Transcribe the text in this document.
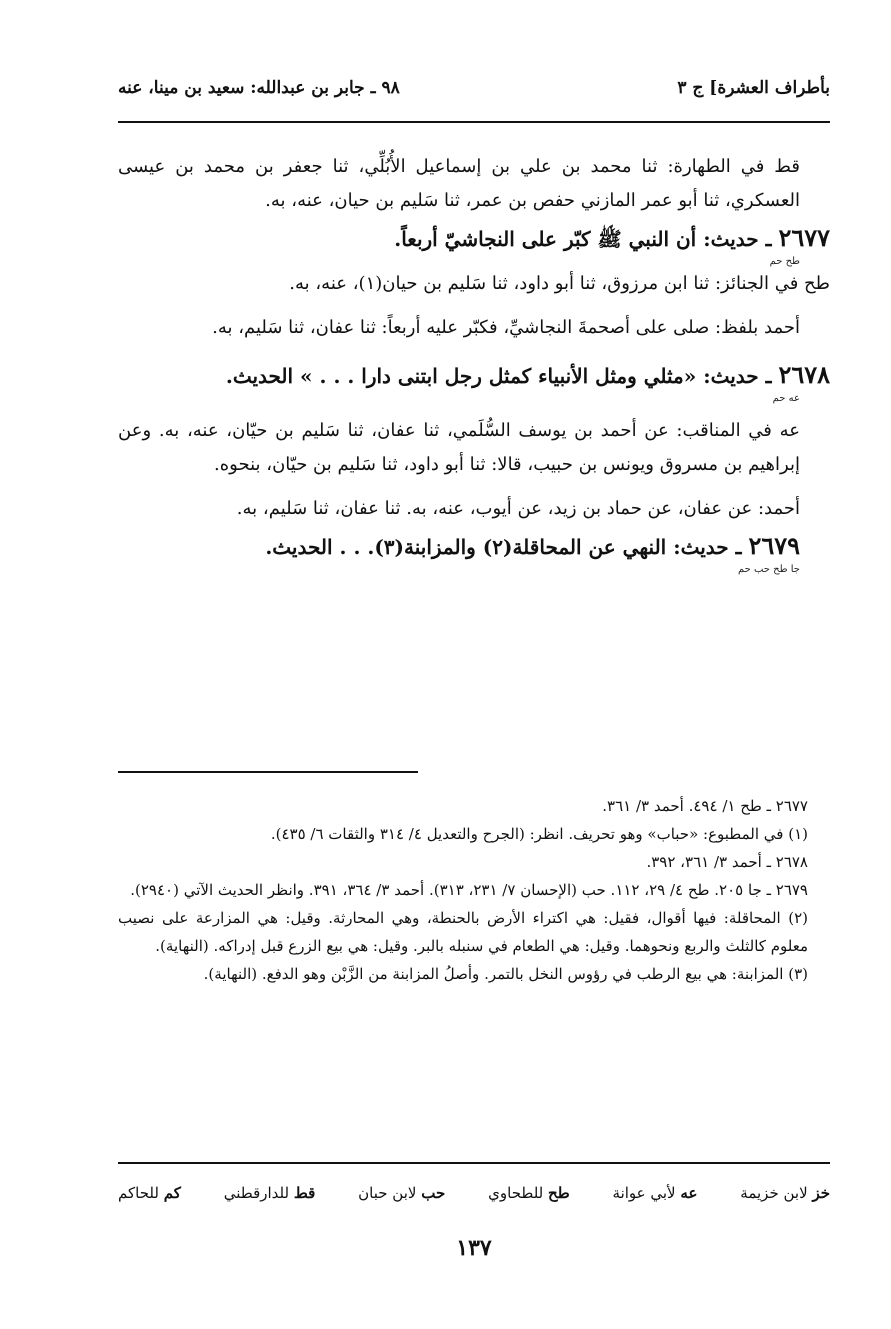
بأطراف العشرة] ج ٣
٩٨ ـ جابر بن عبدالله: سعيد بن مينا، عنه

قط في الطهارة: ثنا محمد بن علي بن إسماعيل الأُبُلِّي، ثنا جعفر بن محمد بن عيسى العسكري، ثنا أبو عمر المازني حفص بن عمر، ثنا سَليم بن حيان، عنه، به.

٢٦٧٧ ـ حديث: أن النبي ﷺ كبّر على النجاشيّ أربعاً.
طح حم

طح في الجنائز: ثنا ابن مرزوق، ثنا أبو داود، ثنا سَليم بن حيان(١)، عنه، به.

أحمد بلفظ: صلى على أصحمةَ النجاشيِّ، فكبّر عليه أربعاً: ثنا عفان، ثنا سَليم، به.

٢٦٧٨ ـ حديث: «مثلي ومثل الأنبياء كمثل رجل ابتنى دارا . . . » الحديث.
عه حم

عه في المناقب: عن أحمد بن يوسف السُّلَمي، ثنا عفان، ثنا سَليم بن حيّان، عنه، به. وعن إبراهيم بن مسروق ويونس بن حبيب، قالا: ثنا أبو داود، ثنا سَليم بن حيّان، بنحوه.

أحمد: عن عفان، عن حماد بن زيد، عن أيوب، عنه، به. ثنا عفان، ثنا سَليم، به.

٢٦٧٩ ـ حديث: النهي عن المحاقلة(٢) والمزابنة(٣). . . الحديث.
جا طح حب حم

٢٦٧٧ ـ طح ١/ ٤٩٤. أحمد ٣/ ٣٦١.

(١) في المطبوع: «حباب» وهو تحريف. انظر: (الجرح والتعديل ٤/ ٣١٤ والثقات ٦/ ٤٣٥).

٢٦٧٨ ـ أحمد ٣/ ٣٦١، ٣٩٢.

٢٦٧٩ ـ جا ٢٠٥. طح ٤/ ٢٩، ١١٢. حب (الإحسان ٧/ ٢٣١، ٣١٣). أحمد ٣/ ٣٦٤، ٣٩١. وانظر الحديث الآتي (٢٩٤٠).

(٢) المحاقلة: فيها أقوال، فقيل: هي اكتراء الأرض بالحنطة، وهي المحارثة. وقيل: هي المزارعة على نصيب معلوم كالثلث والربع ونحوهما. وقيل: هي الطعام في سنبله بالبر. وقيل: هي بيع الزرع قبل إدراكه. (النهاية).

(٣) المزابنة: هي بيع الرطب في رؤوس النخل بالتمر. وأصلُ المزابنة من الزَّبْن وهو الدفع. (النهاية).

خز لابن خزيمة
عه لأبي عوانة
طح للطحاوي
حب لابن حبان
قط للدارقطني
كم للحاكم
١٣٧
